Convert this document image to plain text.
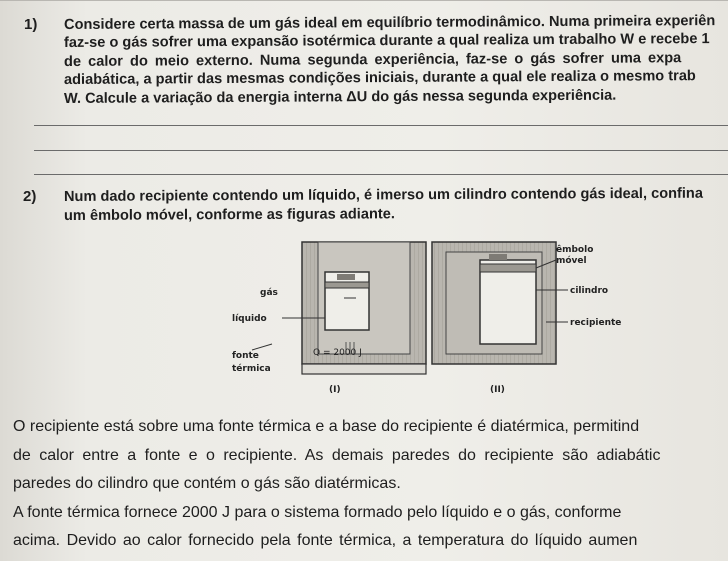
1) Considere certa massa de um gás ideal em equilíbrio termodinâmico. Numa primeira experiên
faz-se o gás sofrer uma expansão isotérmica durante a qual realiza um trabalho W e recebe 1
de calor do meio externo. Numa segunda experiência, faz-se o gás sofrer uma expa
adiabática, a partir das mesmas condições iniciais, durante a qual ele realiza o mesmo trab
W. Calcule a variação da energia interna ΔU do gás nessa segunda experiência.
2) Num dado recipiente contendo um líquido, é imerso um cilindro contendo gás ideal, confina
um êmbolo móvel, conforme as figuras adiante.
gás
líquido
fonte
térmica
Q = 2000 J
(I)
êmbolo
móvel
cilindro
recipiente
(II)
O recipiente está sobre uma fonte térmica e a base do recipiente é diatérmica, permitind
de calor entre a fonte e o recipiente. As demais paredes do recipiente são adiabátic
paredes do cilindro que contém o gás são diatérmicas.
A fonte térmica fornece 2000 J para o sistema formado pelo líquido e o gás, conforme
acima. Devido ao calor fornecido pela fonte térmica, a temperatura do líquido aumen
